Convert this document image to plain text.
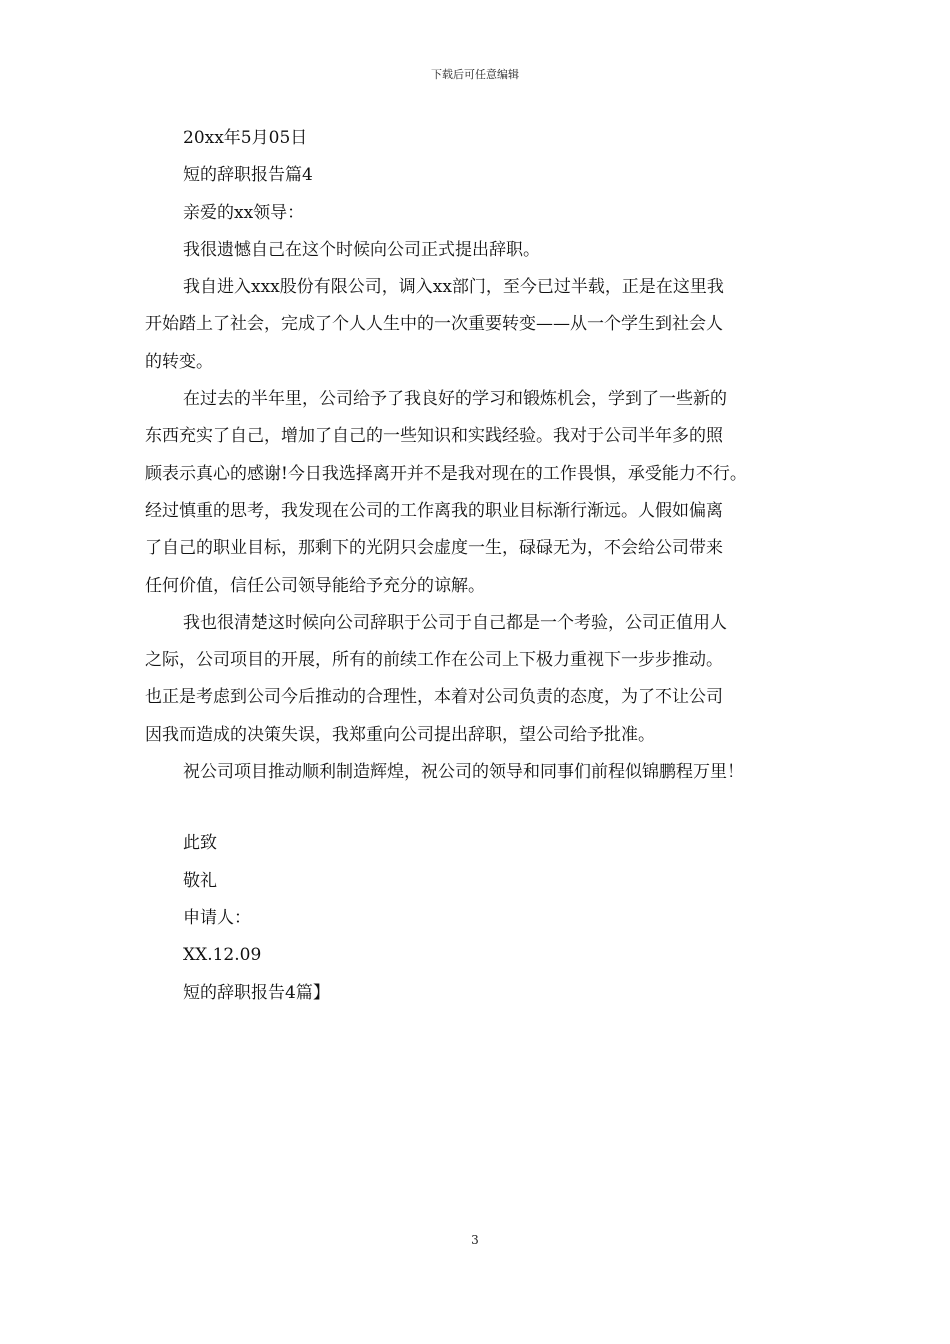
下载后可任意编辑
20xx年5月05日
短的辞职报告篇4
亲爱的xx领导：
我很遗憾自己在这个时候向公司正式提出辞职。
我自进入xxx股份有限公司，调入xx部门，至今已过半载，正是在这里我
开始踏上了社会，完成了个人人生中的一次重要转变——从一个学生到社会人
的转变。
在过去的半年里，公司给予了我良好的学习和锻炼机会，学到了一些新的
东西充实了自己，增加了自己的一些知识和实践经验。我对于公司半年多的照
顾表示真心的感谢!今日我选择离开并不是我对现在的工作畏惧，承受能力不行。
经过慎重的思考，我发现在公司的工作离我的职业目标渐行渐远。人假如偏离
了自己的职业目标，那剩下的光阴只会虚度一生，碌碌无为，不会给公司带来
任何价值，信任公司领导能给予充分的谅解。
我也很清楚这时候向公司辞职于公司于自己都是一个考验，公司正值用人
之际，公司项目的开展，所有的前续工作在公司上下极力重视下一步步推动。
也正是考虑到公司今后推动的合理性，本着对公司负责的态度，为了不让公司
因我而造成的决策失误，我郑重向公司提出辞职，望公司给予批准。
祝公司项目推动顺利制造辉煌，祝公司的领导和同事们前程似锦鹏程万里！
此致
敬礼
申请人：
XX.12.09
短的辞职报告4篇】
3
